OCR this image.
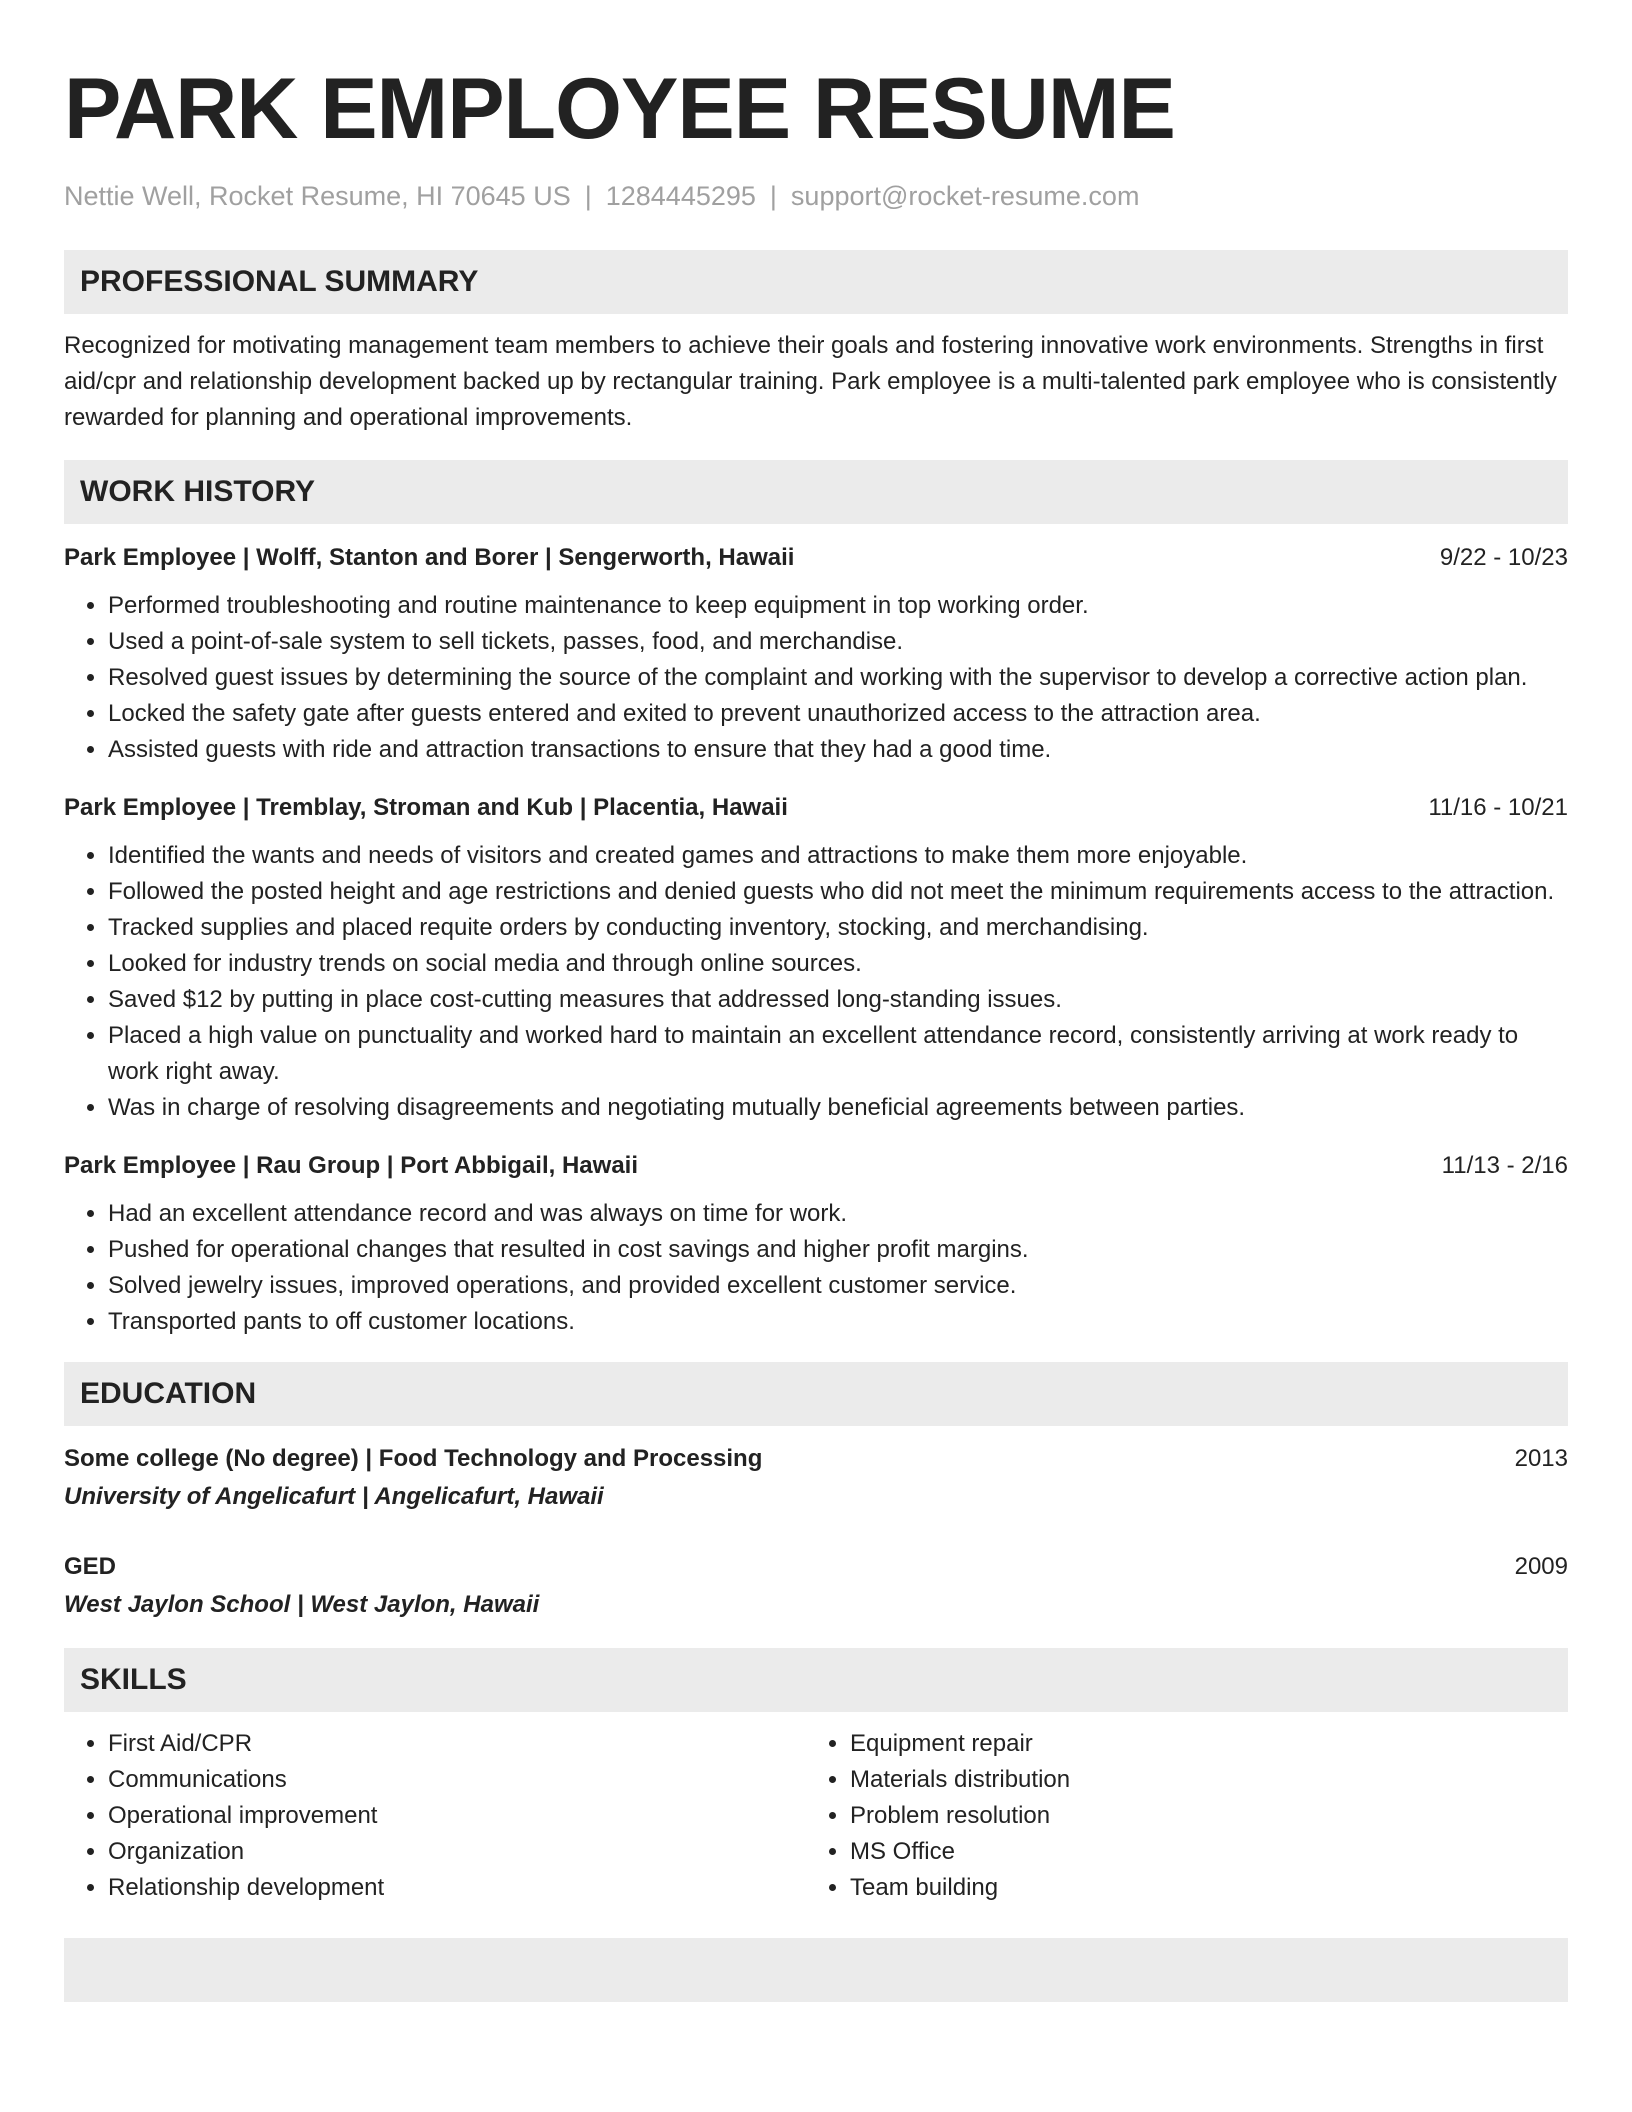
PARK EMPLOYEE RESUME
Nettie Well, Rocket Resume, HI 70645 US | 1284445295 | support@rocket-resume.com
PROFESSIONAL SUMMARY
Recognized for motivating management team members to achieve their goals and fostering innovative work environments. Strengths in first aid/cpr and relationship development backed up by rectangular training. Park employee is a multi-talented park employee who is consistently rewarded for planning and operational improvements.
WORK HISTORY
Park Employee | Wolff, Stanton and Borer | Sengerworth, Hawaii	9/22 - 10/23
• Performed troubleshooting and routine maintenance to keep equipment in top working order.
• Used a point-of-sale system to sell tickets, passes, food, and merchandise.
• Resolved guest issues by determining the source of the complaint and working with the supervisor to develop a corrective action plan.
• Locked the safety gate after guests entered and exited to prevent unauthorized access to the attraction area.
• Assisted guests with ride and attraction transactions to ensure that they had a good time.
Park Employee | Tremblay, Stroman and Kub | Placentia, Hawaii	11/16 - 10/21
• Identified the wants and needs of visitors and created games and attractions to make them more enjoyable.
• Followed the posted height and age restrictions and denied guests who did not meet the minimum requirements access to the attraction.
• Tracked supplies and placed requite orders by conducting inventory, stocking, and merchandising.
• Looked for industry trends on social media and through online sources.
• Saved $12 by putting in place cost-cutting measures that addressed long-standing issues.
• Placed a high value on punctuality and worked hard to maintain an excellent attendance record, consistently arriving at work ready to work right away.
• Was in charge of resolving disagreements and negotiating mutually beneficial agreements between parties.
Park Employee | Rau Group | Port Abbigail, Hawaii	11/13 - 2/16
• Had an excellent attendance record and was always on time for work.
• Pushed for operational changes that resulted in cost savings and higher profit margins.
• Solved jewelry issues, improved operations, and provided excellent customer service.
• Transported pants to off customer locations.
EDUCATION
Some college (No degree) | Food Technology and Processing	2013
University of Angelicafurt | Angelicafurt, Hawaii
GED	2009
West Jaylon School | West Jaylon, Hawaii
SKILLS
• First Aid/CPR
• Communications
• Operational improvement
• Organization
• Relationship development
• Equipment repair
• Materials distribution
• Problem resolution
• MS Office
• Team building
